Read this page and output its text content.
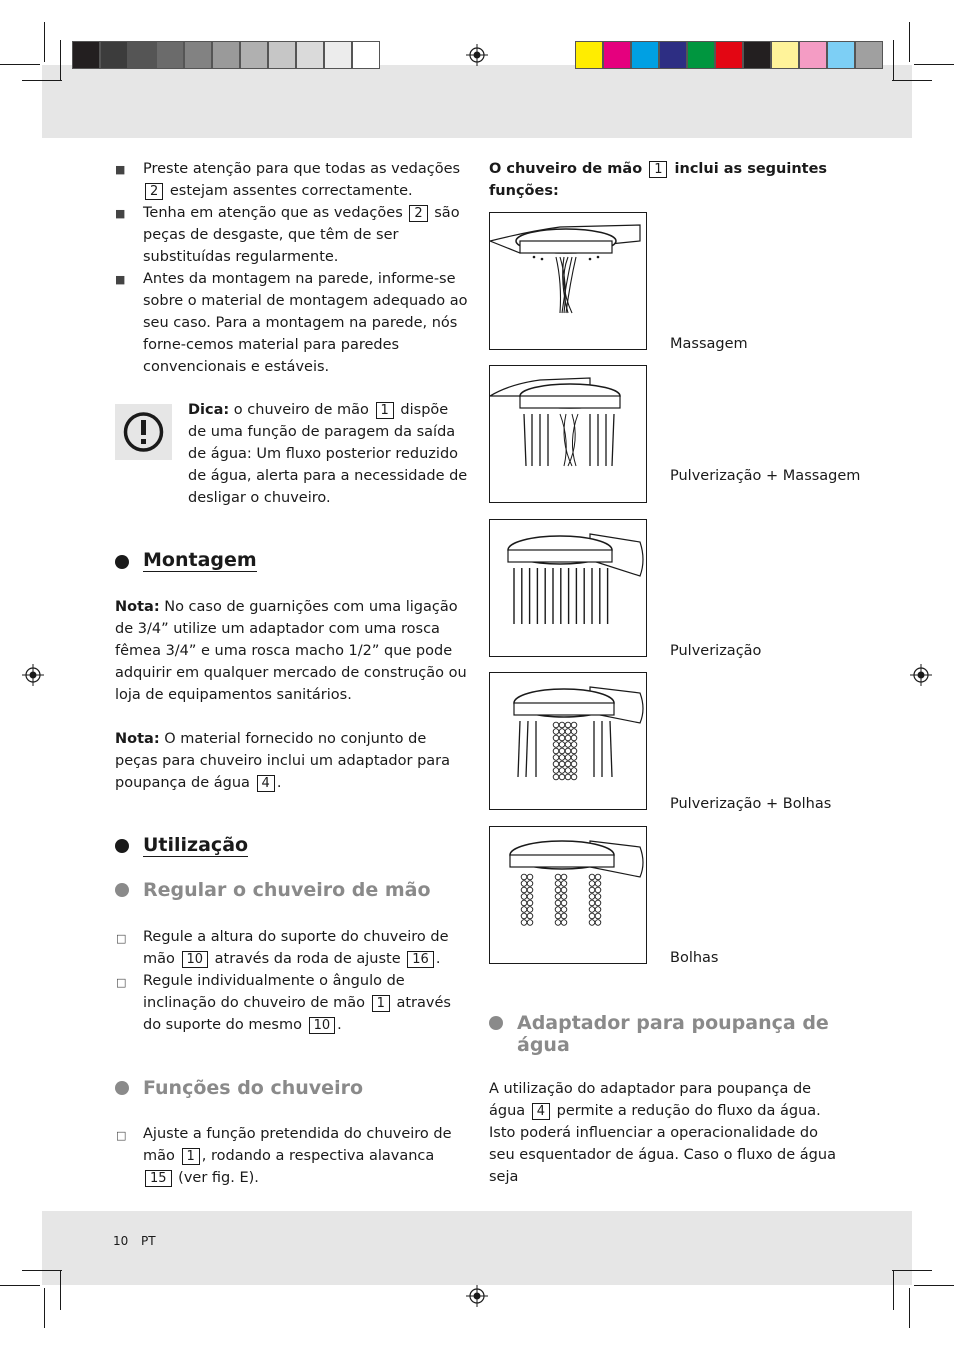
■ Preste atenção para que todas as vedações 2 estejam assentes correctamente.
■ Tenha em atenção que as vedações 2 são peças de desgaste, que têm de ser substituídas regularmente.
■ Antes da montagem na parede, informe-se sobre o material de montagem adequado ao seu caso. Para a montagem na parede, nós forne-cemos material para paredes convencionais e estáveis.
Dica: o chuveiro de mão 1 dispõe de uma função de paragem da saída de água: Um fluxo posterior reduzido de água, alerta para a necessidade de desligar o chuveiro.
Montagem
Nota: No caso de guarnições com uma ligação de 3/4” utilize um adaptador com uma rosca fêmea 3/4” e uma rosca macho 1/2” que pode adquirir em qualquer mercado de construção ou loja de equipamentos sanitários.
Nota: O material fornecido no conjunto de peças para chuveiro inclui um adaptador para poupança de água 4 .
Utilização
Regular o chuveiro de mão
□ Regule a altura do suporte do chuveiro de mão 10 através da roda de ajuste 16 .
□ Regule individualmente o ângulo de inclinação do chuveiro de mão 1 através do suporte do mesmo 10 .
Funções do chuveiro
□ Ajuste a função pretendida do chuveiro de mão 1 , rodando a respectiva alavanca 15 (ver fig. E).
O chuveiro de mão 1 inclui as seguintes funções:
Massagem
Pulverização + Massagem
Pulverização
Pulverização + Bolhas
Bolhas
Adaptador para poupança de água
A utilização do adaptador para poupança de água 4 permite a redução do fluxo da água. Isto poderá influenciar a operacionalidade do seu esquentador de água. Caso o fluxo de água seja
10 PT
